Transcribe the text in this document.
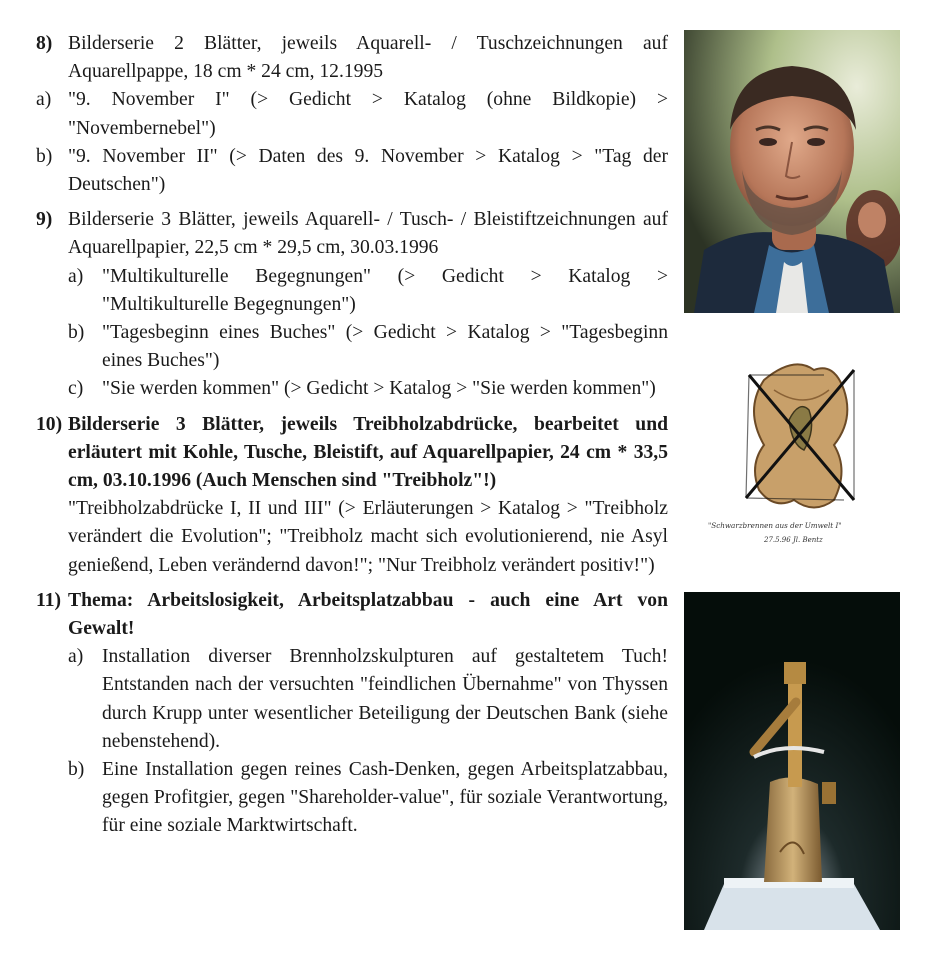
8) Bilderserie 2 Blätter, jeweils Aquarell- / Tuschzeichnungen auf Aquarellpappe, 18 cm * 24 cm, 12.1995
a) "9. November I" (> Gedicht > Katalog (ohne Bildkopie) > "Novembernebel")
b) "9. November II" (> Daten des 9. November > Katalog > "Tag der Deutschen")
9) Bilderserie 3 Blätter, jeweils Aquarell- / Tusch- / Bleistiftzeichnungen auf Aquarellpapier, 22,5 cm * 29,5 cm, 30.03.1996
a) "Multikulturelle Begegnungen" (> Gedicht > Katalog > "Multikulturelle Begegnungen")
b) "Tagesbeginn eines Buches" (> Gedicht > Katalog > "Tagesbeginn eines Buches")
c) "Sie werden kommen" (> Gedicht > Katalog > "Sie werden kommen")
10) Bilderserie 3 Blätter, jeweils Treibholzabdrücke, bearbeitet und erläutert mit Kohle, Tusche, Bleistift, auf Aquarellpapier, 24 cm * 33,5 cm, 03.10.1996 (Auch Menschen sind "Treibholz"!)
"Treibholzabdrücke I, II und III" (> Erläuterungen > Katalog > "Treibholz verändert die Evolution"; "Treibholz macht sich evolutionierend, nie Asyl genießend, Leben verändernd davon!"; "Nur Treibholz verändert positiv!")
11) Thema: Arbeitslosigkeit, Arbeitsplatzabbau - auch eine Art von Gewalt!
a) Installation diverser Brennholzskulpturen auf gestaltetem Tuch! Entstanden nach der versuchten "feindlichen Übernahme" von Thyssen durch Krupp unter wesentlicher Beteiligung der Deutschen Bank (siehe nebenstehend).
b) Eine Installation gegen reines Cash-Denken, gegen Arbeitsplatzabbau, gegen Profitgier, gegen "Shareholder-value", für soziale Verantwortung, für eine soziale Marktwirtschaft.
"Schwarzbrennen aus der Umwelt I"
27.5.96 Jl. Bentz
